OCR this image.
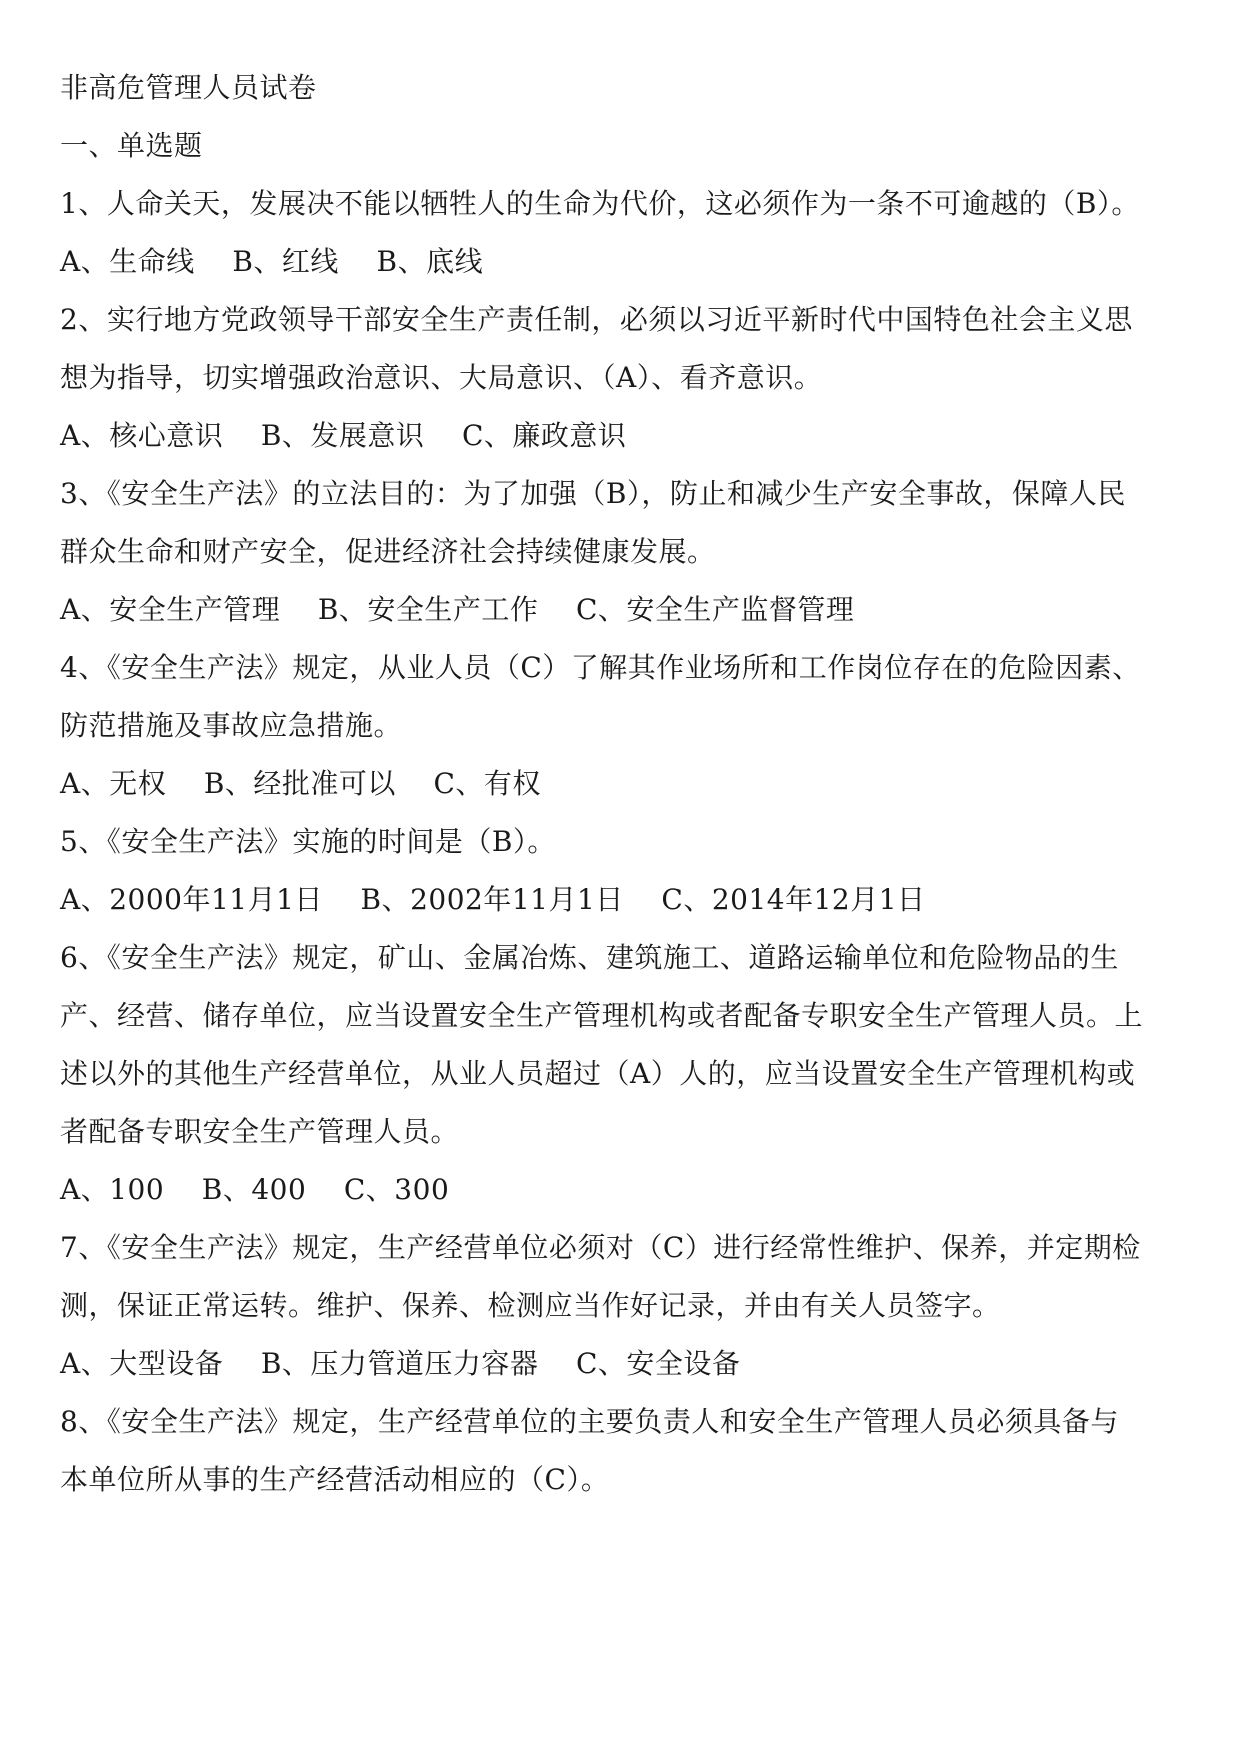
非高危管理人员试卷
一、单选题
1、人命关天，发展决不能以牺牲人的生命为代价，这必须作为一条不可逾越的（B）。
A、生命线    B、红线    B、底线
2、实行地方党政领导干部安全生产责任制，必须以习近平新时代中国特色社会主义思
想为指导，切实增强政治意识、大局意识、（A）、看齐意识。
A、核心意识    B、发展意识    C、廉政意识
3、《安全生产法》的立法目的：为了加强（B），防止和减少生产安全事故，保障人民
群众生命和财产安全，促进经济社会持续健康发展。
A、安全生产管理    B、安全生产工作    C、安全生产监督管理
4、《安全生产法》规定，从业人员（C）了解其作业场所和工作岗位存在的危险因素、
防范措施及事故应急措施。
A、无权    B、经批准可以    C、有权
5、《安全生产法》实施的时间是（B）。
A、2000年11月1日    B、2002年11月1日    C、2014年12月1日
6、《安全生产法》规定，矿山、金属冶炼、建筑施工、道路运输单位和危险物品的生
产、经营、储存单位，应当设置安全生产管理机构或者配备专职安全生产管理人员。上
述以外的其他生产经营单位，从业人员超过（A）人的，应当设置安全生产管理机构或
者配备专职安全生产管理人员。
A、100    B、400    C、300
7、《安全生产法》规定，生产经营单位必须对（C）进行经常性维护、保养，并定期检
测，保证正常运转。维护、保养、检测应当作好记录，并由有关人员签字。
A、大型设备    B、压力管道压力容器    C、安全设备
8、《安全生产法》规定，生产经营单位的主要负责人和安全生产管理人员必须具备与
本单位所从事的生产经营活动相应的（C）。
